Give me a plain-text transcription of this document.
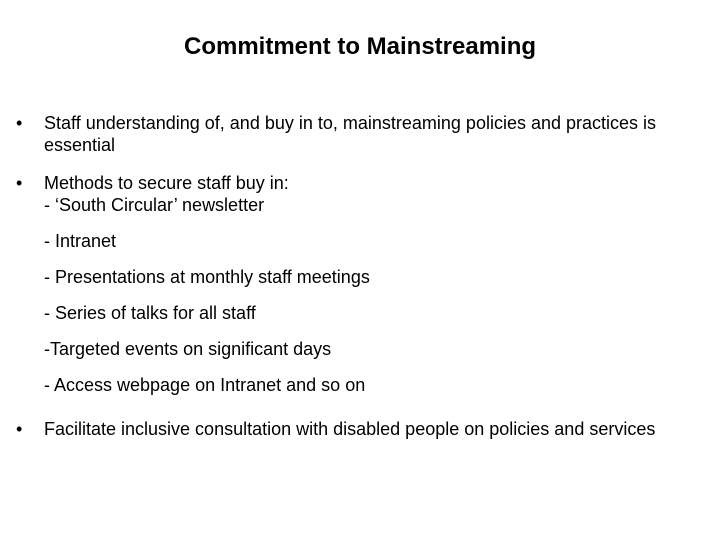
Commitment to Mainstreaming
•	Staff understanding of, and buy in to, mainstreaming policies and practices is essential
•	Methods to secure staff buy in:
- ‘South Circular’ newsletter
- Intranet
- Presentations at monthly staff meetings
- Series of talks for all staff
-Targeted events on significant days
- Access webpage on Intranet and so on
•	Facilitate inclusive consultation with disabled people on policies and services
